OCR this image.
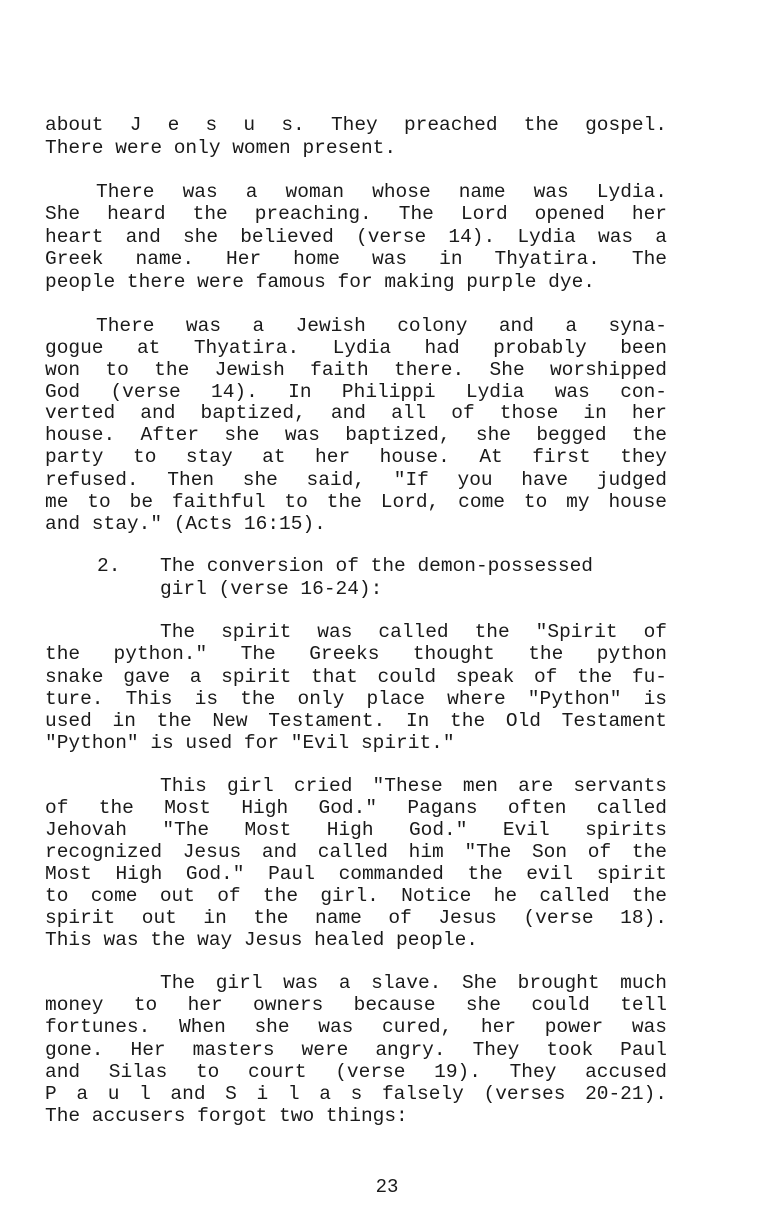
about J e s u s. They preached the gospel.
There were only women present.
There was a woman whose name was Lydia.
She heard the preaching. The Lord opened her
heart and she believed (verse 14). Lydia was a
Greek name. Her home was in Thyatira. The
people there were famous for making purple dye.
There was a Jewish colony and a syna-
gogue at Thyatira. Lydia had probably been
won to the Jewish faith there. She worshipped
God (verse 14). In Philippi Lydia was con-
verted and baptized, and all of those in her
house. After she was baptized, she begged the
party to stay at her house. At first they
refused. Then she said, "If you have judged
me to be faithful to the Lord, come to my house
and stay." (Acts 16:15).
2. The conversion of the demon-possessed
girl (verse 16-24):
The spirit was called the "Spirit of
the python." The Greeks thought the python
snake gave a spirit that could speak of the fu-
ture. This is the only place where "Python" is
used in the New Testament. In the Old Testament
"Python" is used for "Evil spirit."
This girl cried "These men are servants
of the Most High God." Pagans often called
Jehovah "The Most High God." Evil spirits
recognized Jesus and called him "The Son of the
Most High God." Paul commanded the evil spirit
to come out of the girl. Notice he called the
spirit out in the name of Jesus (verse 18).
This was the way Jesus healed people.
The girl was a slave. She brought much
money to her owners because she could tell
fortunes. When she was cured, her power was
gone. Her masters were angry. They took Paul
and Silas to court (verse 19). They accused
P a u l and S i l a s falsely (verses 20-21).
The accusers forgot two things:
23
